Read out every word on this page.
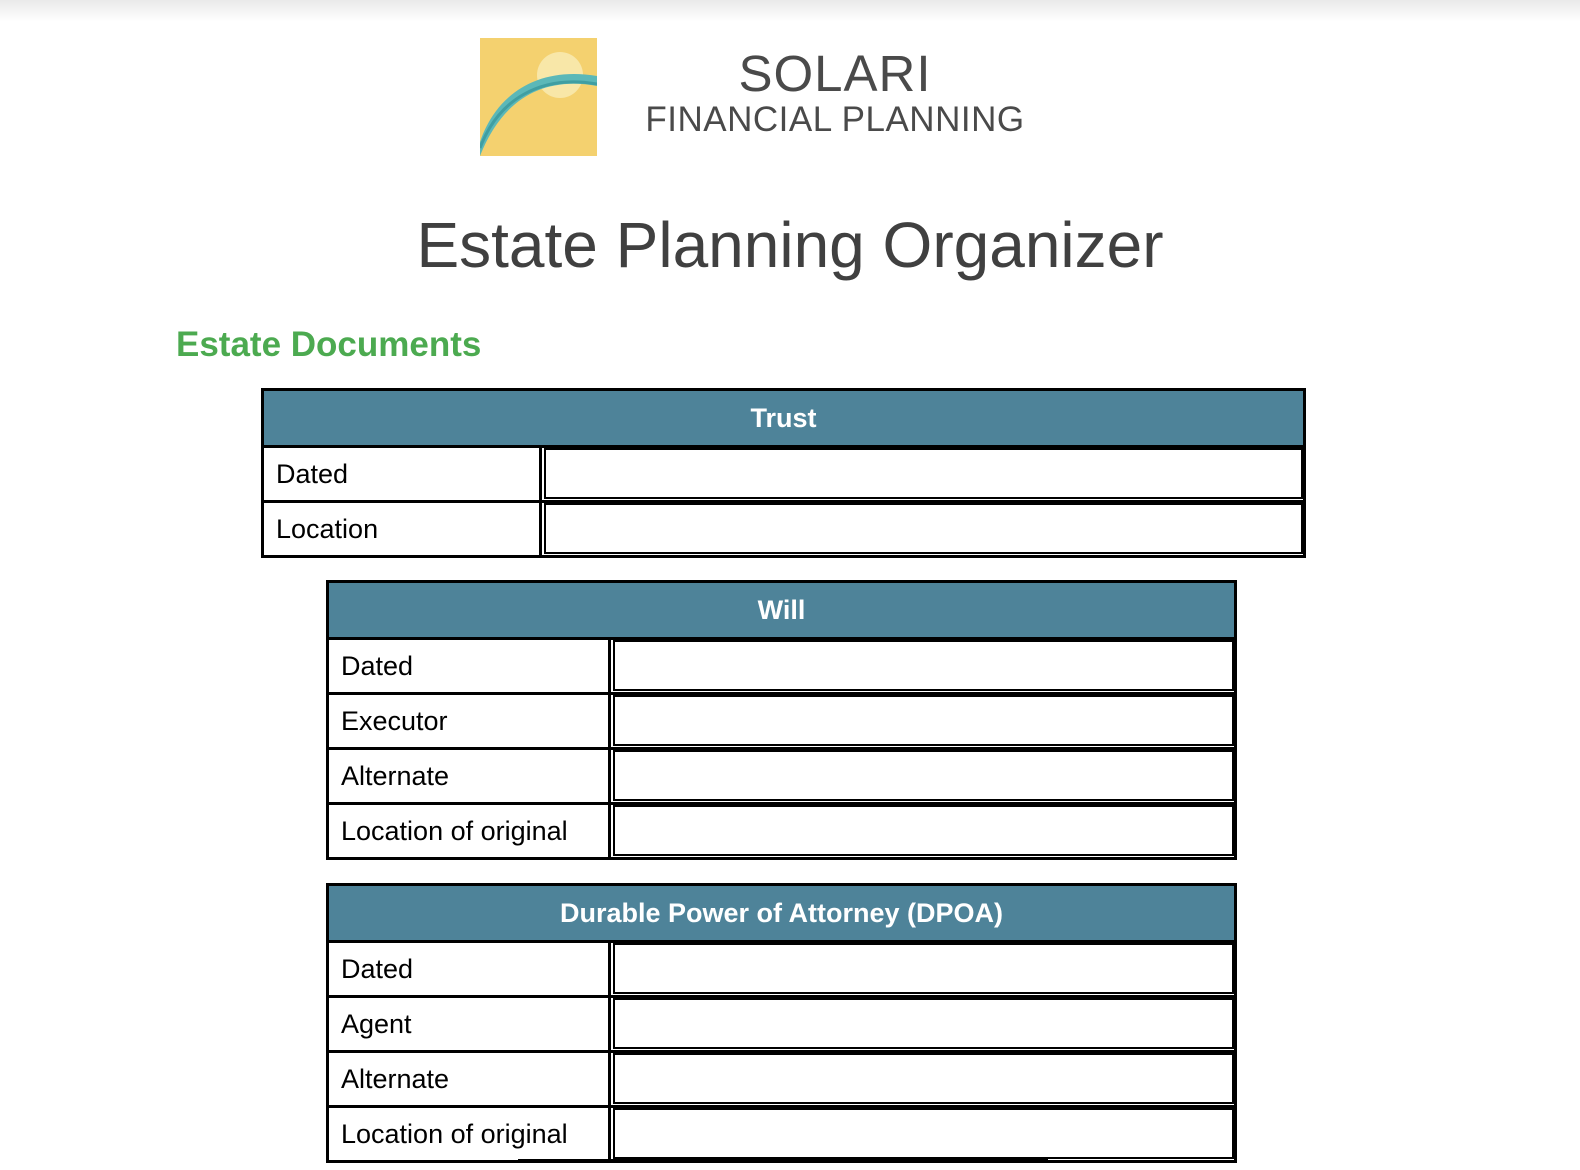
SOLARI
FINANCIAL PLANNING
Estate Planning Organizer
Estate Documents
Trust
Dated
Location
Will
Dated
Executor
Alternate
Location of original
Durable Power of Attorney (DPOA)
Dated
Agent
Alternate
Location of original
